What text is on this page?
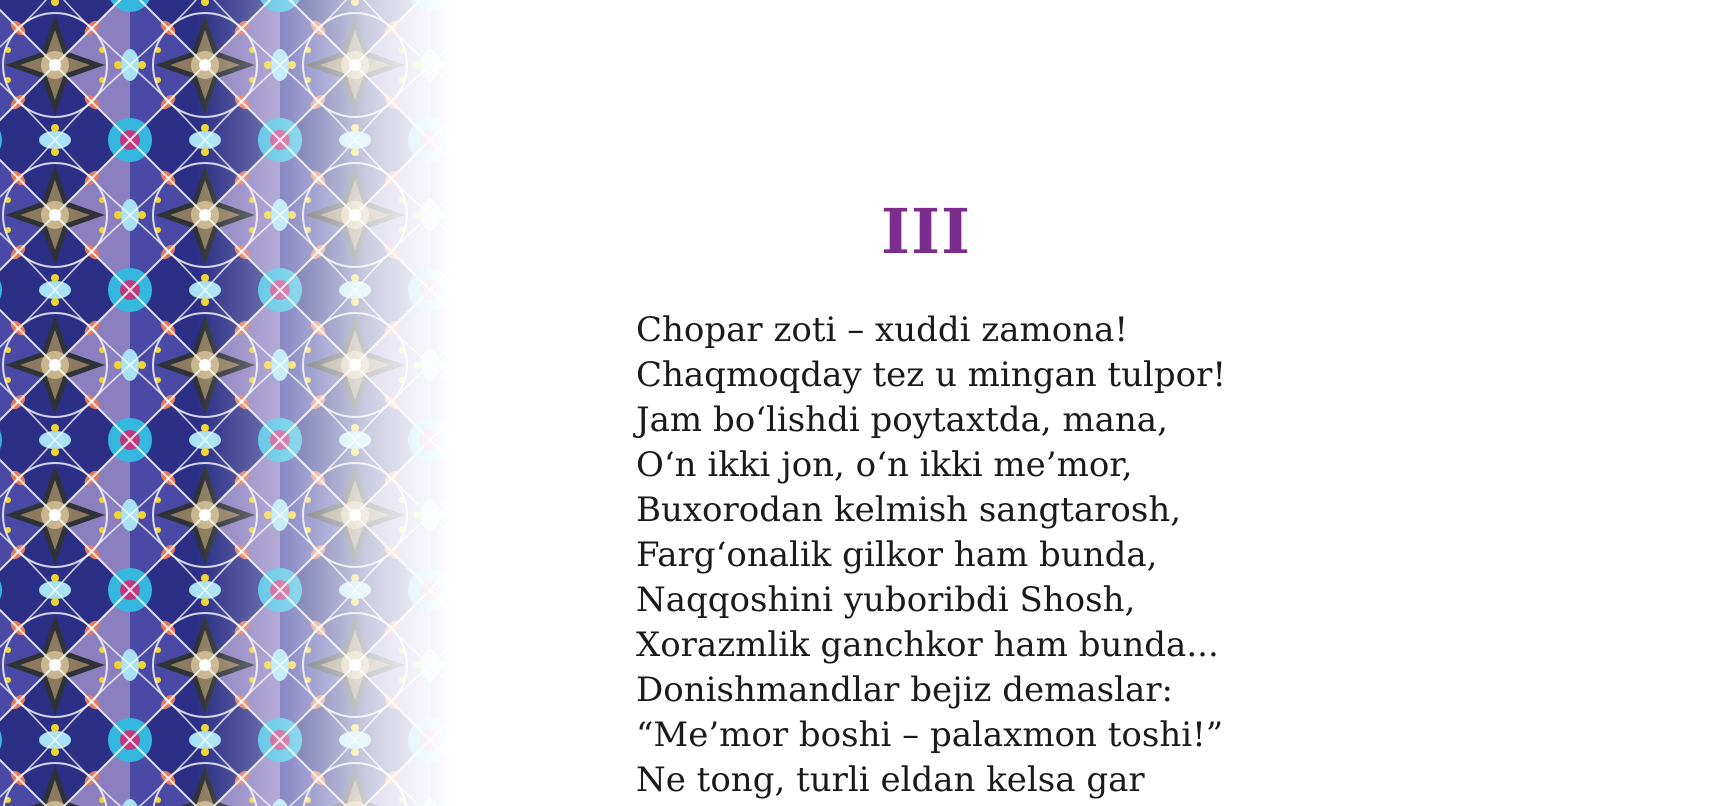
III
Chopar zoti – xuddi zamona!
Chaqmoqday tez u mingan tulpor!
Jam bo‘lishdi poytaxtda, mana,
O‘n ikki jon, o‘n ikki me’mor,
Buxorodan kelmish sangtarosh,
Farg‘onalik gilkor ham bunda,
Naqqoshini yuboribdi Shosh,
Xorazmlik ganchkor ham bunda...
Donishmandlar bejiz demaslar:
“Me’mor boshi – palaxmon toshi!”
Ne tong, turli eldan kelsa gar
